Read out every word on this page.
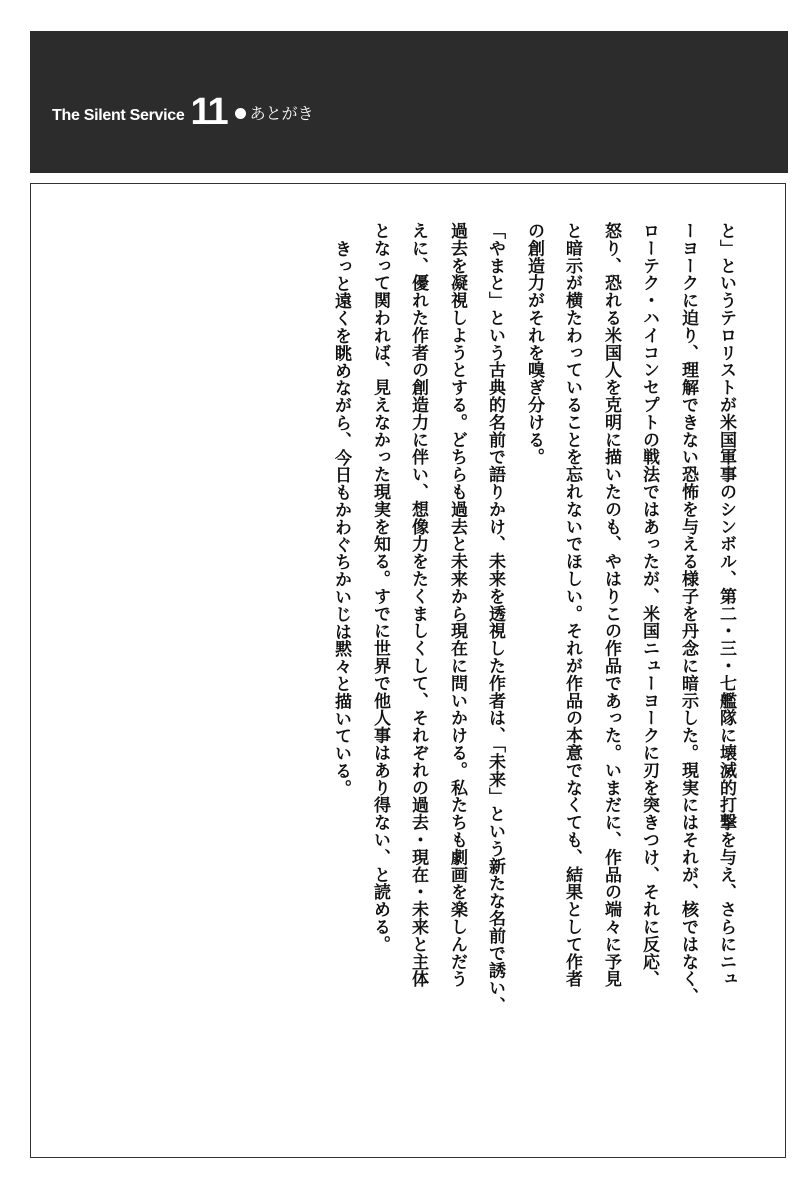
The Silent Service 11 あとがき

と」というテロリストが米国軍事のシンボル、第二・三・七艦隊に壊滅的打撃を与え、さらにニュ

ーヨークに迫り、理解できない恐怖を与える様子を丹念に暗示した。現実にはそれが、核ではなく、

ローテク・ハイコンセプトの戦法ではあったが、米国ニューヨークに刃を突きつけ、それに反応、

怒り、恐れる米国人を克明に描いたのも、やはりこの作品であった。いまだに、作品の端々に予見

と暗示が横たわっていることを忘れないでほしい。それが作品の本意でなくても、結果として作者

の創造力がそれを嗅ぎ分ける。

「やまと」という古典的名前で語りかけ、未来を透視した作者は、「未来」という新たな名前で誘い、

過去を凝視しようとする。どちらも過去と未来から現在に問いかける。私たちも劇画を楽しんだう

えに、優れた作者の創造力に伴い、想像力をたくましくして、それぞれの過去・現在・未来と主体

となって関われば、見えなかった現実を知る。すでに世界で他人事はあり得ない、と読める。

きっと遠くを眺めながら、今日もかわぐちかいじは黙々と描いている。
